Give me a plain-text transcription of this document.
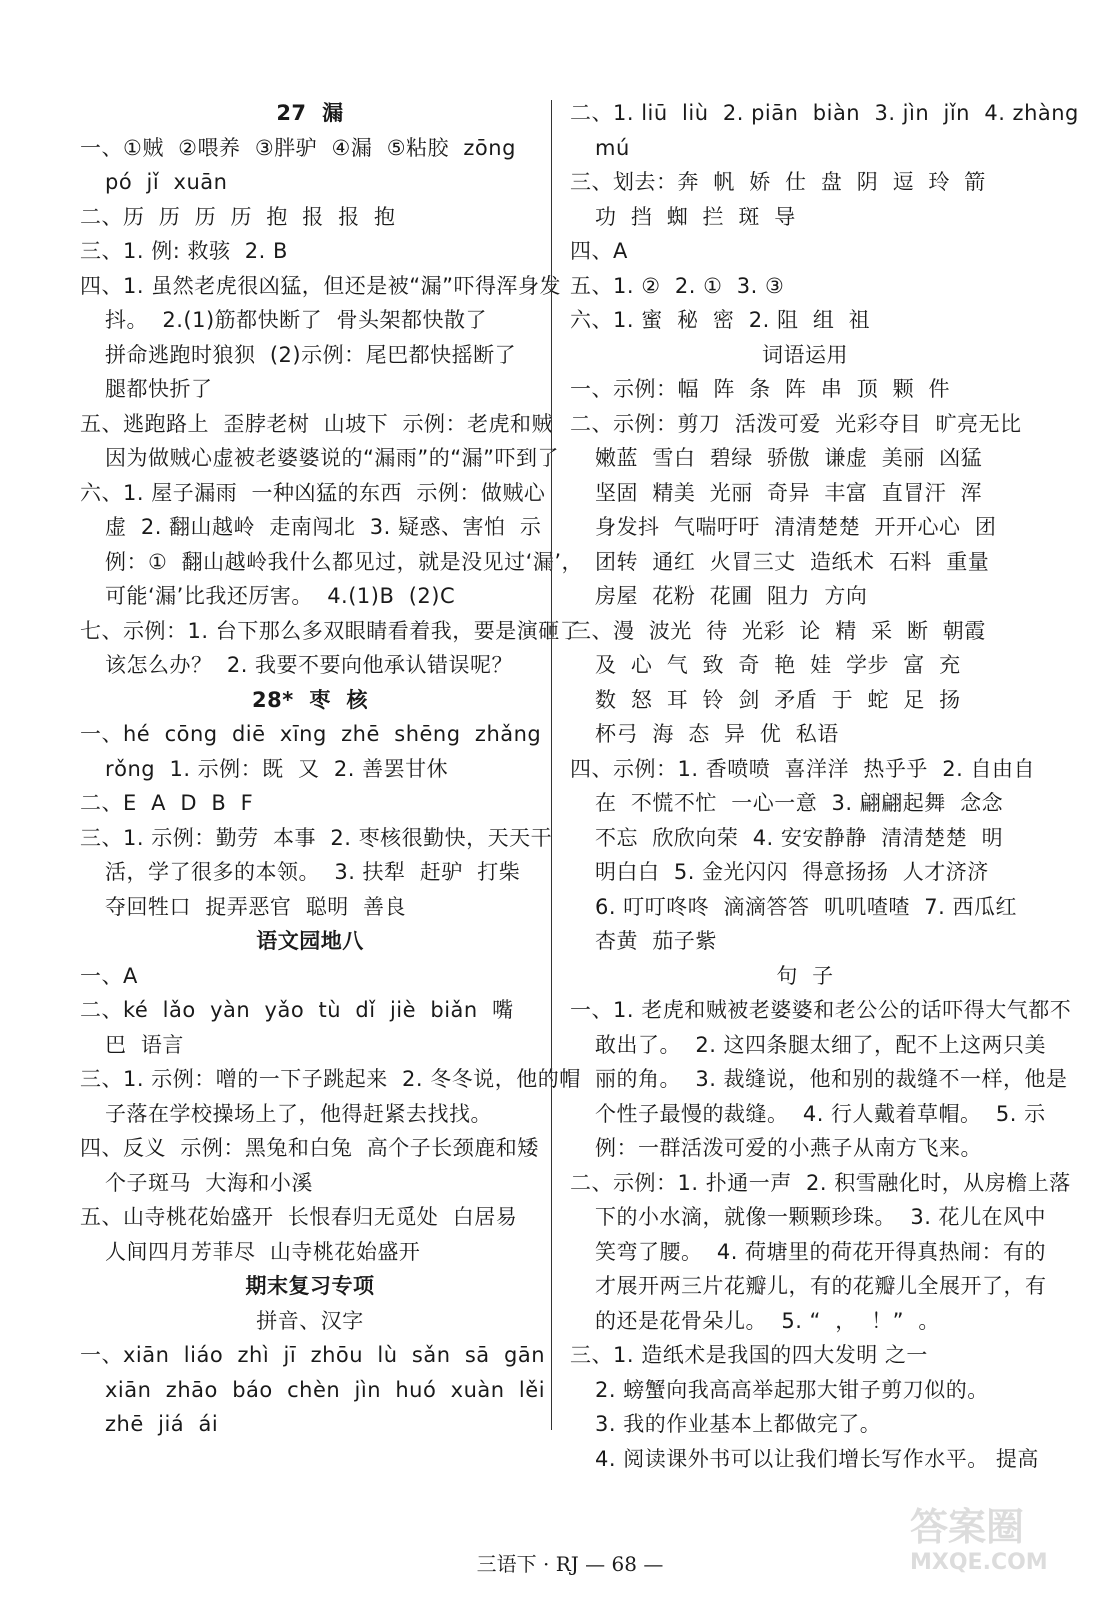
27  漏
一、①贼  ②喂养  ③胖驴  ④漏  ⑤粘胶  zōng
pó  jǐ  xuān
二、历  历  历  历  抱  报  报  抱
三、1. 例: 救骇  2. B
四、1. 虽然老虎很凶猛，但还是被“漏”吓得浑身发
抖。  2.(1)筋都快断了  骨头架都快散了
拼命逃跑时狼狈  (2)示例：尾巴都快摇断了
腿都快折了
五、逃跑路上  歪脖老树  山坡下  示例：老虎和贼
因为做贼心虚被老婆婆说的“漏雨”的“漏”吓到了
六、1. 屋子漏雨  一种凶猛的东西  示例：做贼心
虚  2. 翻山越岭  走南闯北  3. 疑惑、害怕  示
例：①  翻山越岭我什么都见过，就是没见过‘漏’，
可能‘漏’比我还厉害。  4.(1)B  (2)C
七、示例：1. 台下那么多双眼睛看着我，要是演砸了
该怎么办？  2. 我要不要向他承认错误呢？
28*  枣  核
一、hé  cōng  diē  xīng  zhē  shēng  zhǎng
rǒng  1. 示例：既  又  2. 善罢甘休
二、E  A  D  B  F
三、1. 示例：勤劳  本事  2. 枣核很勤快，天天干
活，学了很多的本领。  3. 扶犁  赶驴  打柴
夺回牲口  捉弄恶官  聪明  善良
语文园地八
一、A
二、ké  lǎo  yàn  yǎo  tù  dǐ  jiè  biǎn  嘴
巴  语言
三、1. 示例：噌的一下子跳起来  2. 冬冬说，他的帽
子落在学校操场上了，他得赶紧去找找。
四、反义  示例：黑兔和白兔  高个子长颈鹿和矮
个子斑马  大海和小溪
五、山寺桃花始盛开  长恨春归无觅处  白居易
人间四月芳菲尽  山寺桃花始盛开
期末复习专项
拼音、汉字
一、xiān  liáo  zhì  jī  zhōu  lù  sǎn  sā  gān
xiān  zhāo  báo  chèn  jìn  huó  xuàn  lěi
zhē  jiá  ái
二、1. liū  liù  2. piān  biàn  3. jìn  jǐn  4. zhàng
mú
三、划去：奔  帆  娇  仕  盘  阴  逗  玲  箭
功  挡  蜘  拦  斑  导
四、A
五、1. ②  2. ①  3. ③
六、1. 蜜  秘  密  2. 阻  组  祖
词语运用
一、示例：幅  阵  条  阵  串  顶  颗  件
二、示例：剪刀  活泼可爱  光彩夺目  旷亮无比
嫩蓝  雪白  碧绿  骄傲  谦虚  美丽  凶猛
坚固  精美  光丽  奇异  丰富  直冒汗  浑
身发抖  气喘吁吁  清清楚楚  开开心心  团
团转  通红  火冒三丈  造纸术  石料  重量
房屋  花粉  花圃  阻力  方向
三、漫  波光  待  光彩  论  精  采  断  朝霞
及  心  气  致  奇  艳  娃  学步  富  充
数  怒  耳  铃  剑  矛盾  于  蛇  足  扬
杯弓  海  态  异  优  私语
四、示例：1. 香喷喷  喜洋洋  热乎乎  2. 自由自
在  不慌不忙  一心一意  3. 翩翩起舞  念念
不忘  欣欣向荣  4. 安安静静  清清楚楚  明
明白白  5. 金光闪闪  得意扬扬  人才济济
6. 叮叮咚咚  滴滴答答  叽叽喳喳  7. 西瓜红
杏黄  茄子紫
句  子
一、1. 老虎和贼被老婆婆和老公公的话吓得大气都不
敢出了。  2. 这四条腿太细了，配不上这两只美
丽的角。  3. 裁缝说，他和别的裁缝不一样，他是
个性子最慢的裁缝。  4. 行人戴着草帽。  5. 示
例：一群活泼可爱的小燕子从南方飞来。
二、示例：1. 扑通一声  2. 积雪融化时，从房檐上落
下的小水滴，就像一颗颗珍珠。  3. 花儿在风中
笑弯了腰。  4. 荷塘里的荷花开得真热闹：有的
才展开两三片花瓣儿，有的花瓣儿全展开了，有
的还是花骨朵儿。  5. “  ，  ！”  。
三、1. 造纸术是我国的四大发明 之一
2. 螃蟹向我高高举起那大钳子剪刀似的。
3. 我的作业基本上都做完了。
4. 阅读课外书可以让我们增长写作水平。 提高
三语下 · RJ — 68 —
答案圈
MXQE.COM
